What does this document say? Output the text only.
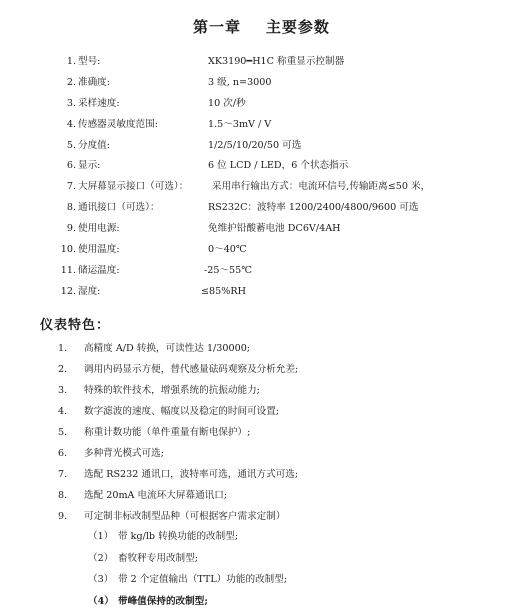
第一章    主要参数
1. 型号:	XK3190━H1C 称重显示控制器
2. 准确度:	3 级, n=3000
3. 采样速度:	10 次/秒
4. 传感器灵敏度范围:	1.5～3mV / V
5. 分度值:	1/2/5/10/20/50 可选
6. 显示:	6 位 LCD / LED，6 个状态指示
7. 大屏幕显示接口（可选）： 采用串行输出方式：电流环信号,传输距离≤50 米，
8. 通讯接口（可选）：	RS232C：波特率 1200/2400/4800/9600 可选
9. 使用电源:	免维护铅酸蓄电池 DC6V/4AH
10. 使用温度:	0～40℃
11. 储运温度:	-25～55℃
12. 湿度:	≤85%RH
仪表特色：
1. 高精度 A/D 转换，可读性达 1/30000;
2. 调用内码显示方便，替代感量砝码观察及分析允差;
3. 特殊的软件技术，增强系统的抗振动能力;
4. 数字滤波的速度、幅度以及稳定的时间可设置;
5. 称重计数功能（单件重量有断电保护）;
6. 多种背光模式可选;
7. 选配 RS232 通讯口，波特率可选，通讯方式可选;
8. 选配 20mA 电流环大屏幕通讯口;
9. 可定制非标改制型品种（可根据客户需求定制）
（1） 带 kg/lb 转换功能的改制型;
（2） 畜牧秤专用改制型;
（3） 带 2 个定值输出（TTL）功能的改制型;
（4） 带峰值保持的改制型;
